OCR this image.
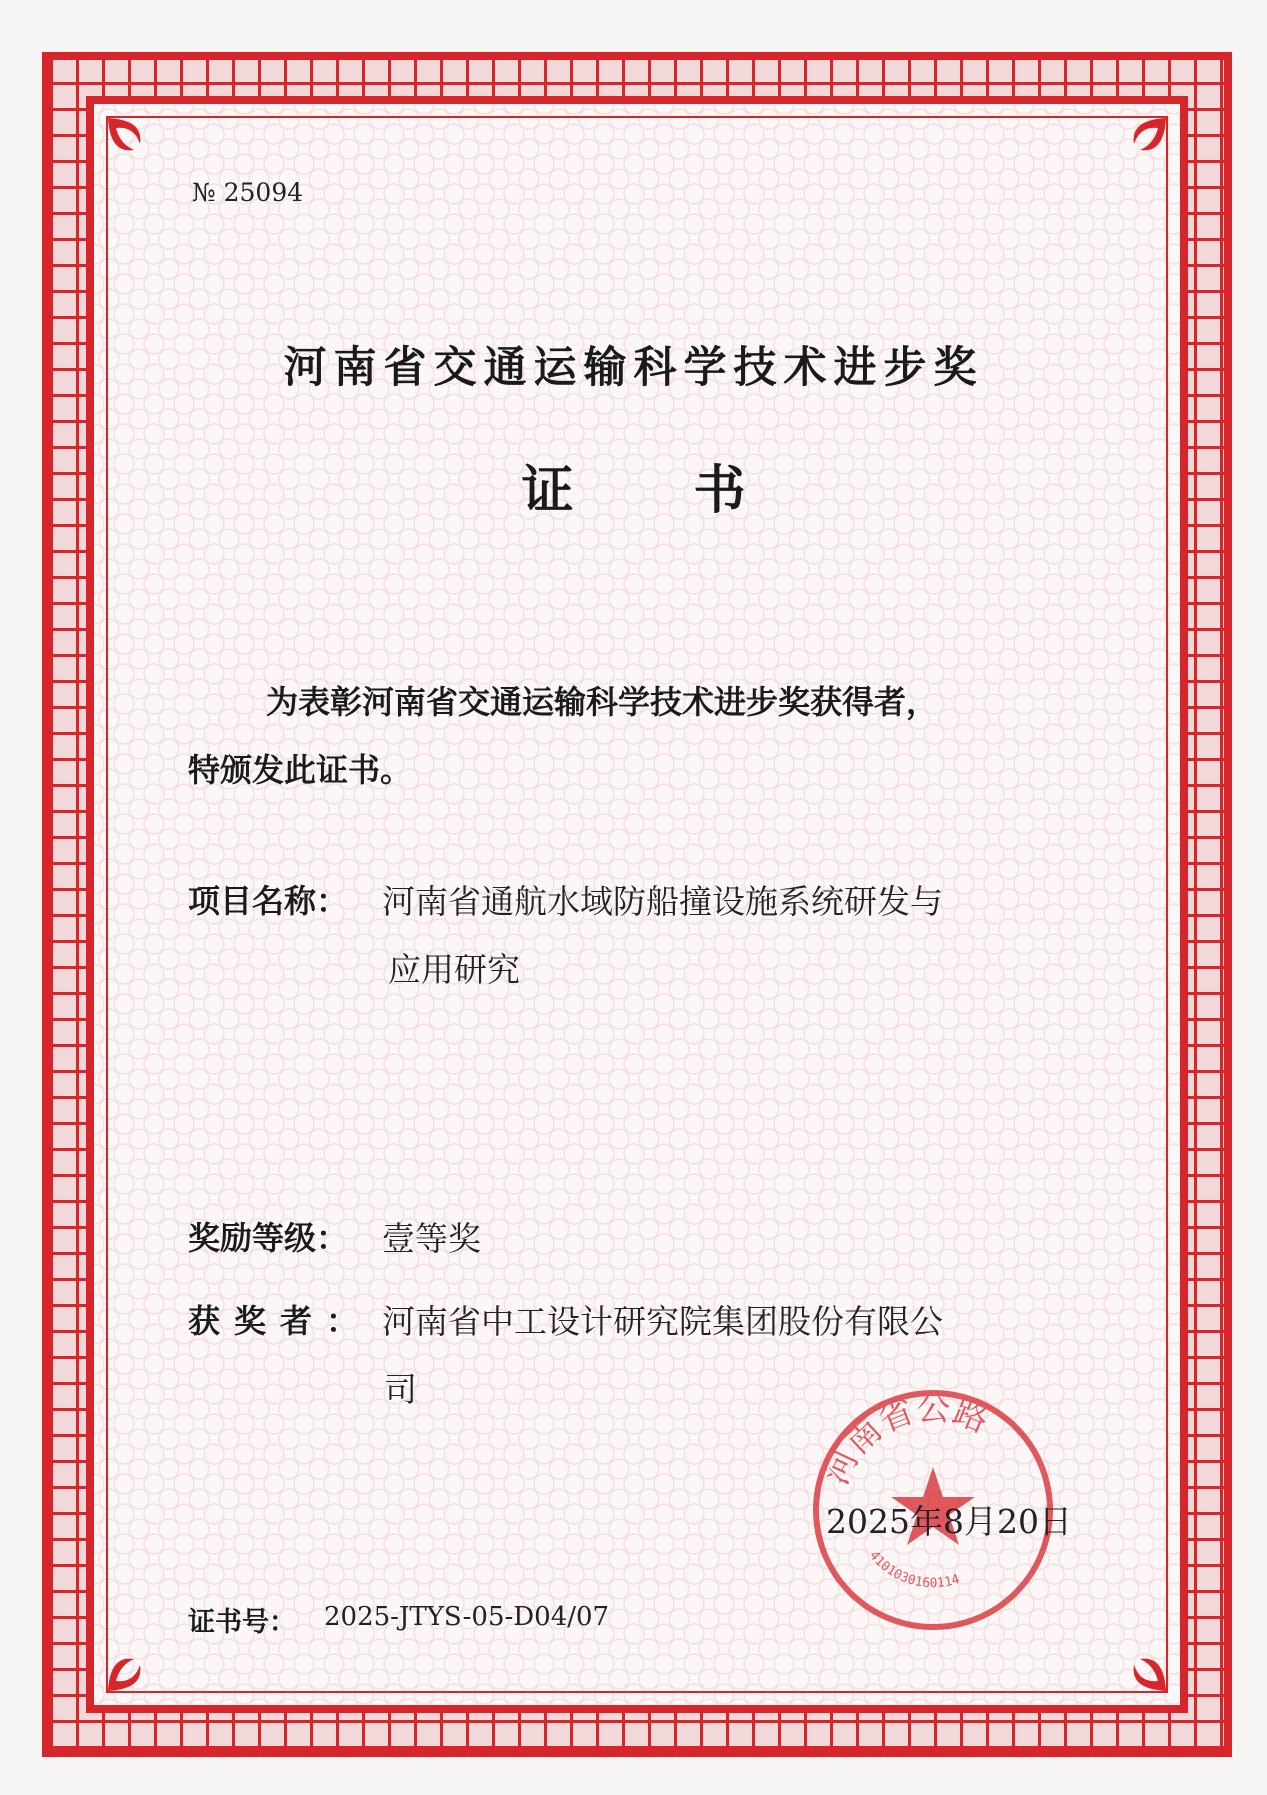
№ 25094
河南省交通运输科学技术进步奖
证书
为表彰河南省交通运输科学技术进步奖获得者，
特颁发此证书。
项目名称： 河南省通航水域防船撞设施系统研发与
应用研究
奖励等级： 壹等奖
获奖者： 河南省中工设计研究院集团股份有限公
司
河南省公路
4101030160114
2025年8月20日
证书号： 2025-JTYS-05-D04/07
